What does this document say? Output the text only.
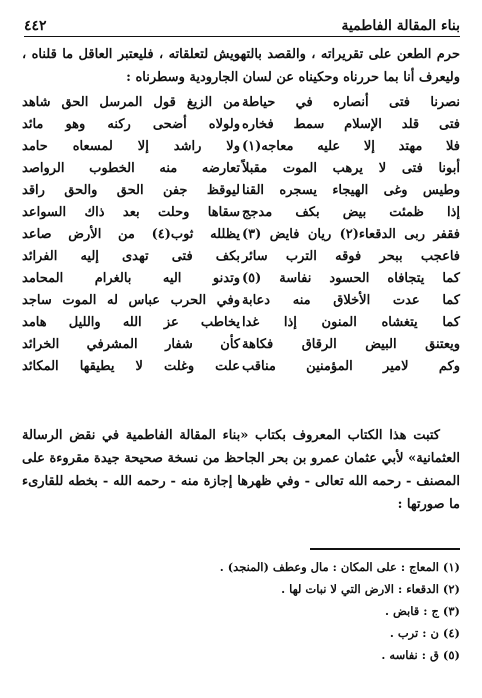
بناء المقالة الفاطمية
٤٤٢

حرم الطعن على تقريراته ، والقصد بالتهويش لتعلقاته ، فليعتبر العاقل ما قلناه ، وليعرف أنا بما حررناه وحكيناه عن لسان الجارودية وسطرناه :

نصرنا فتى أنصاره في حياطة
فتى قلد الإسلام سمط فخاره
فلا مهتد إلا عليه معاجه(١)
أبونا فتى لا يرهب الموت مقبلاً
وطيس وغى الهيجاء يسجره القنا
إذا ظمئت بيض بكف مدجج
فقفر ربى الدقعاء(٢) ريان فايض (٣)
فاعجب ببحر فوقه الترب سائر
كما يتجافاه الحسود نفاسة (٥)
كما عدت الأخلاق منه دعابة
كما يتغشاه المنون إذا غدا
ويعتنق البيض الرقاق فكاهة
وكم لامير المؤمنين مناقب
من الزيغ قول المرسل الحق شاهد
ولولاه أضحى ركنه وهو مائد
ولا راشد إلا لمسعاه حامد
تعارضه منه الخطوب الرواصد
ليوقظ جفن الحق والحق راقد
سقاها وحلت بعد ذاك السواعد
يظلله ثوب(٤) من الأرض صاعد
بكف فتى تهدى إليه الفرائد
وتدنو اليه بالغرام المحامد
وفي الحرب عباس له الموت ساجد
يخاطب عز الله والليل هامد
كأن شفار المشرفي الخرائد
علت وغلت لا يطيقها المكائد

كتبت هذا الكتاب المعروف بكتاب «بناء المقالة الفاطمية في نقض الرسالة العثمانية» لأبي عثمان عمرو بن بحر الجاحظ من نسخة صحيحة جيدة مقروءة على المصنف - رحمه الله تعالى - وفي ظهرها إجازة منه - رحمه الله - بخطه للقارىء ما صورتها :

(١) المعاج : على المكان : مال وعطف (المنجد) .
(٢) الدقعاء : الارض التي لا نبات لها .
(٣) ج : قابض .
(٤) ن : ترب .
(٥) ق : نفاسه .
